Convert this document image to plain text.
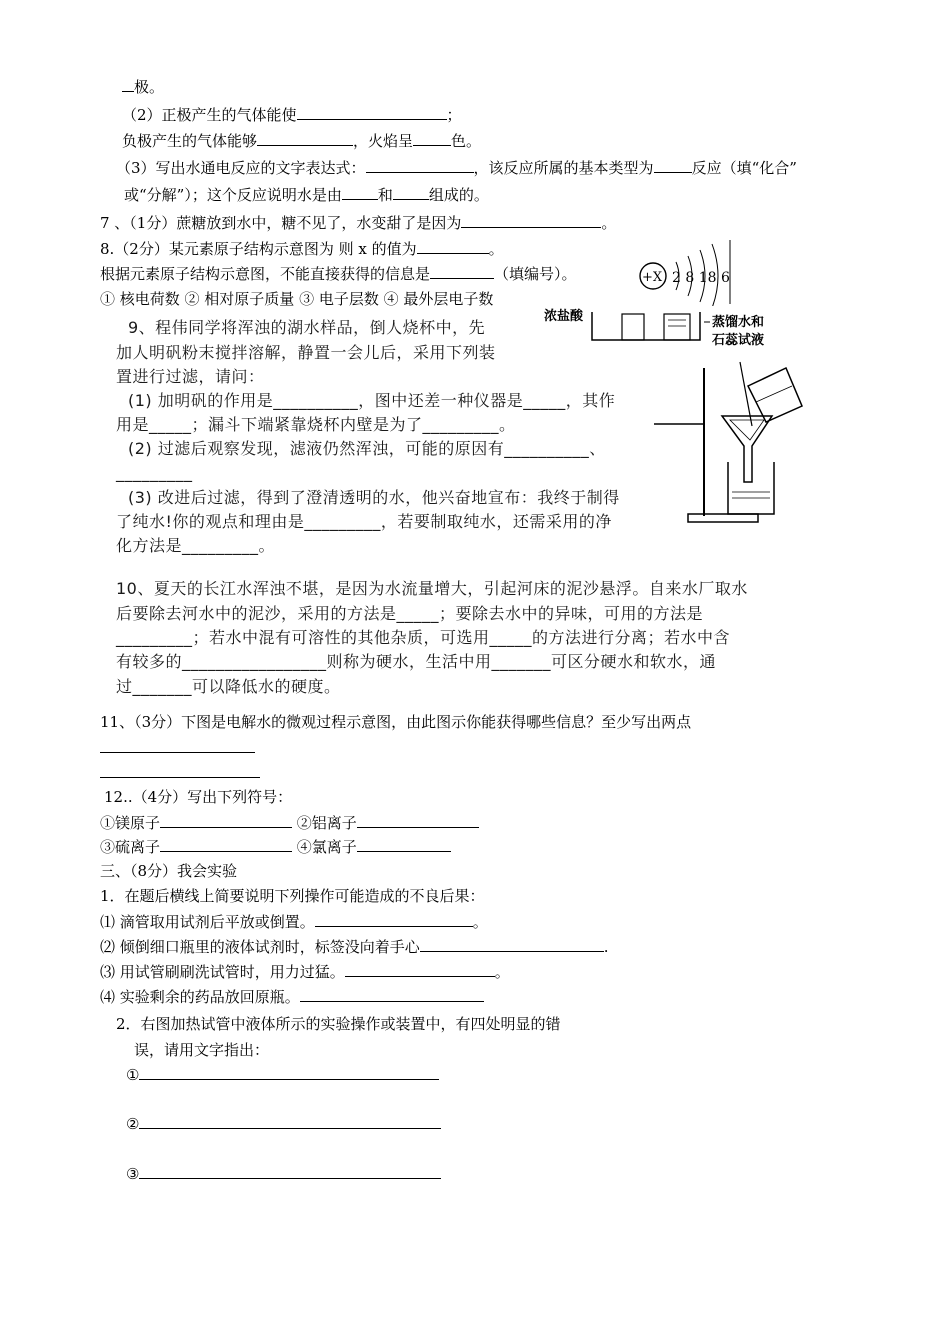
极。
（2）正极产生的气体能使	；
负极产生的气体能够	，火焰呈	色。
（3）写出水通电反应的文字表达式：	，该反应所属的基本类型为	反应（填“化合”
或“分解”）；这个反应说明水是由 和 组成的。
7 、（1分）蔗糖放到水中，糖不见了，水变甜了是因为	。
8.（2分）某元素原子结构示意图为 则 x 的值为	。
根据元素原子结构示意图，不能直接获得的信息是	（填编号）。
① 核电荷数 ② 相对原子质量 ③ 电子层数 ④ 最外层电子数
+X 2 8 18 6
9、程伟同学将浑浊的湖水样品，倒人烧杯中，先
加人明矾粉末搅拌溶解，静置一会儿后，采用下列装
置进行过滤，请问：
(1) 加明矾的作用是__________，图中还差一种仪器是_____，其作
用是_____；漏斗下端紧靠烧杯内壁是为了_________。
(2) 过滤后观察发现，滤液仍然浑浊，可能的原因有__________、
_________
(3) 改进后过滤，得到了澄清透明的水，他兴奋地宣布：我终于制得
了纯水!你的观点和理由是_________，若要制取纯水，还需采用的净
化方法是_________。
浓盐酸	蒸馏水和
石蕊试液
10、夏天的长江水浑浊不堪，是因为水流量增大，引起河床的泥沙悬浮。自来水厂取水
后要除去河水中的泥沙，采用的方法是_____；要除去水中的异味，可用的方法是
_________；若水中混有可溶性的其他杂质，可选用_____的方法进行分离；若水中含
有较多的_________________则称为硬水，生活中用_______可区分硬水和软水，通
过_______可以降低水的硬度。
11、（3分）下图是电解水的微观过程示意图，由此图示你能获得哪些信息？至少写出两点
12..（4分）写出下列符号：
①镁原子	②铝离子
③硫离子	④氯离子
三、（8分）我会实验
1．在题后横线上简要说明下列操作可能造成的不良后果：
⑴ 滴管取用试剂后平放或倒置。	。
⑵ 倾倒细口瓶里的液体试剂时，标签没向着手心	.
⑶ 用试管刷刷洗试管时，用力过猛。	。
⑷ 实验剩余的药品放回原瓶。
2．右图加热试管中液体所示的实验操作或装置中，有四处明显的错
误，请用文字指出：
①
②
③
